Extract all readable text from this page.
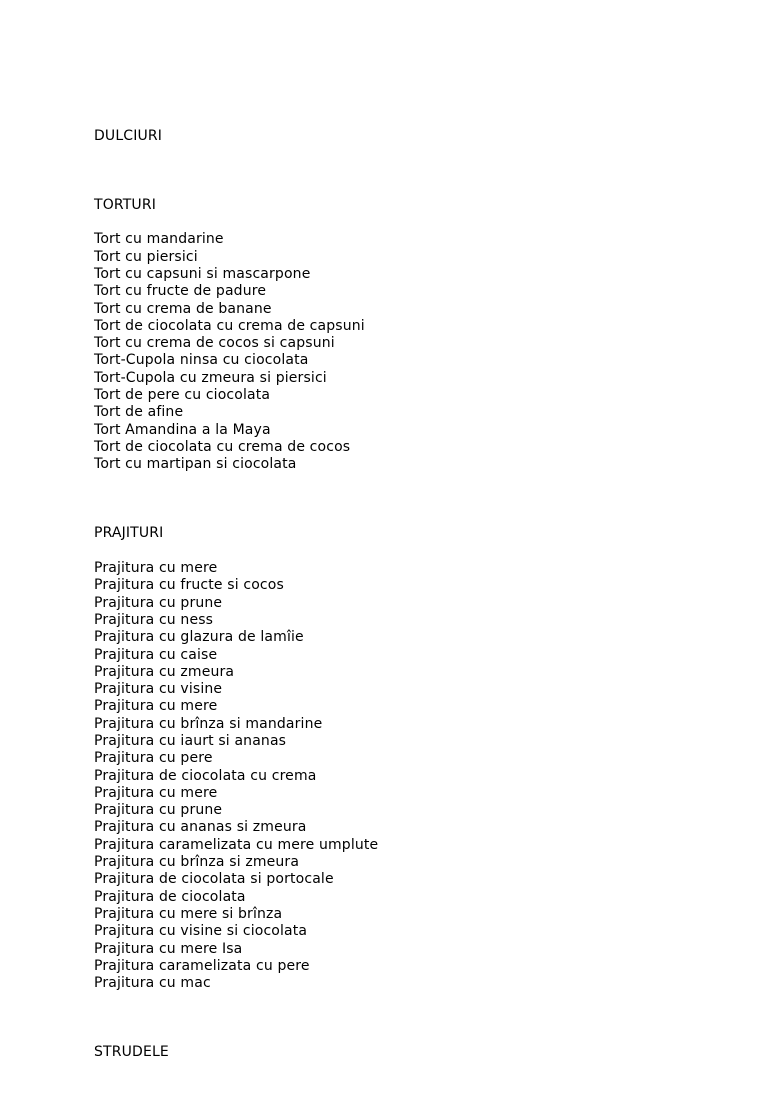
DULCIURI

TORTURI
Tort cu mandarine
Tort cu piersici
Tort cu capsuni si mascarpone
Tort cu fructe de padure
Tort cu crema de banane
Tort de ciocolata cu crema de capsuni
Tort cu crema de cocos si capsuni
Tort-Cupola ninsa cu ciocolata
Tort-Cupola cu zmeura si piersici
Tort de pere cu ciocolata
Tort de afine
Tort Amandina a la Maya
Tort de ciocolata cu crema de cocos
Tort cu martipan si ciocolata
PRAJITURI
Prajitura cu mere
Prajitura cu fructe si cocos
Prajitura cu prune
Prajitura cu ness
Prajitura cu glazura de lamîie
Prajitura cu caise
Prajitura cu zmeura
Prajitura cu visine
Prajitura cu mere
Prajitura cu brînza si mandarine
Prajitura cu iaurt si ananas
Prajitura cu pere
Prajitura de ciocolata cu crema
Prajitura cu mere
Prajitura cu prune
Prajitura cu ananas si zmeura
Prajitura caramelizata cu mere umplute
Prajitura cu brînza si zmeura
Prajitura de ciocolata si portocale
Prajitura de ciocolata
Prajitura cu mere si brînza
Prajitura cu visine si ciocolata
Prajitura cu mere Isa
Prajitura caramelizata cu pere
Prajitura cu mac
STRUDELE
